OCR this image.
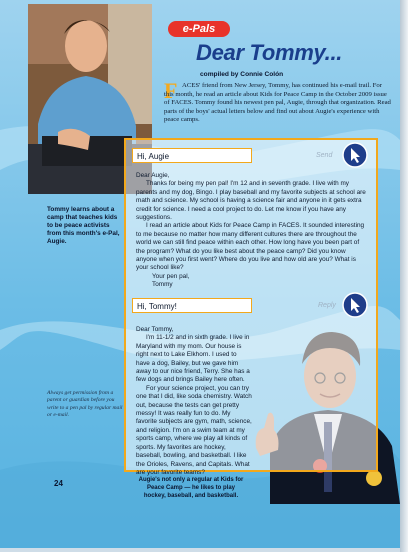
Tommy learns about a camp that teaches kids to be peace activists from this month's e-Pal, Augie.
Always get permission from a parent or guardian before you write to a pen pal by regular mail or e-mail.
24	Augie's not only a regular at Kids for Peace Camp — he likes to play hockey, baseball, and basketball.
e-Pals
Dear Tommy...
compiled by Connie Colón
F ACES' friend from New Jersey, Tommy, has continued his e-mail trail. For this month, he read an article about Kids for Peace Camp in the October 2009 issue of FACES. Tommy found his newest pen pal, Augie, through that organization. Read parts of the boys' actual letters below and find out about Augie's experience with peace camps.
Hi, Augie	Send

Dear Augie,

Thanks for being my pen pal! I'm 12 and in seventh grade. I live with my parents and my dog, Bingo. I play baseball and my favorite subjects at school are math and science. My school is having a science fair and anyone in it gets extra credit for science. I need a cool project to do. Let me know if you have any suggestions.

I read an article about Kids for Peace Camp in FACES. It sounded interesting to me because no matter how many different cultures there are throughout the world we can still find peace within each other. How long have you been part of the program? What do you like best about the peace camp? Did you know anyone when you first went? Where do you live and how old are you? What is your school like?

Your pen pal,

Tommy

Hi, Tommy!	Reply

Dear Tommy,

I'm 11-1/2 and in sixth grade. I live in Maryland with my mom. Our house is right next to Lake Elkhorn. I used to have a dog, Bailey, but we gave him away to our nice friend, Terry. She has a few dogs and brings Bailey here often.

For your science project, you can try one that I did, like soda chemistry. Watch out, because the tests can get pretty messy! It was really fun to do. My favorite subjects are gym, math, science, and religion. I'm on a swim team at my sports camp, where we play all kinds of sports. My favorites are hockey, baseball, bowling, and basketball. I like the Orioles, Ravens, and Capitals. What are your favorite teams?
